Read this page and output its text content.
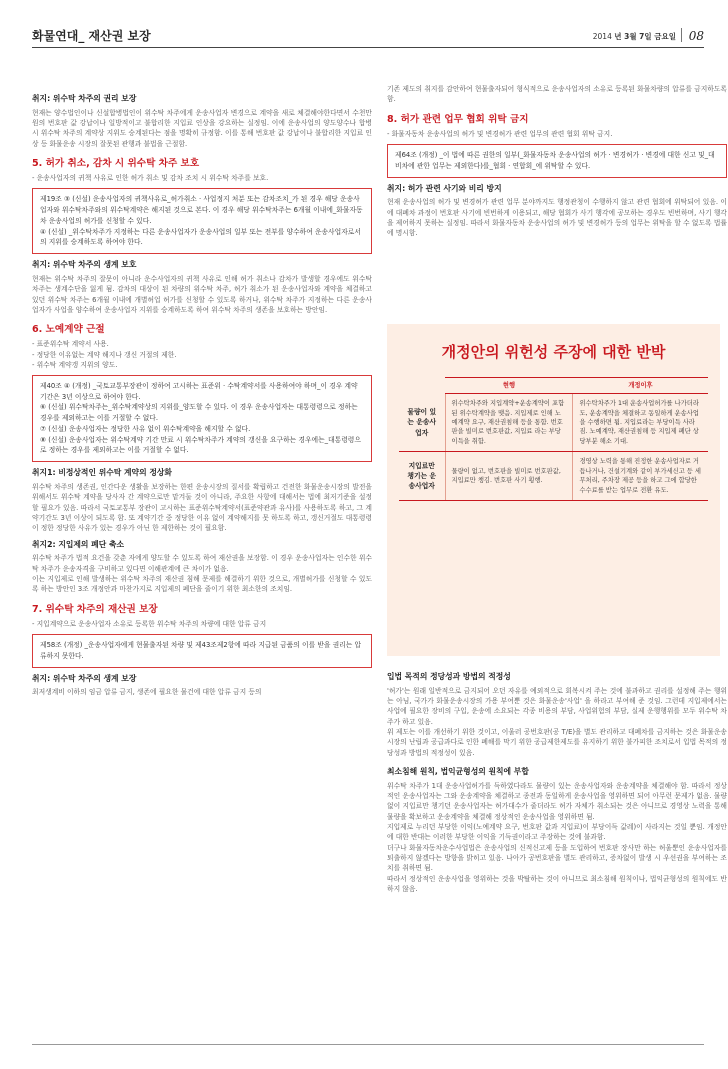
화물연대_ 재산권 보장	2014 년 3월 7일 금요일 08
취지: 위수탁 차주의 권리 보장

현재는 양수법인이나 신설합병법인이 위수탁 차주에게 운송사업자 변경으로 계약을 새로 체결해야한다면서 수천만 원의 번호판 값 강납이나 일방적이고 불합리한 지입료 인상을 강요하는 실정임. 이에 운송사업의 양도양수나 합병 시 위수탁 차주의 계약상 지위도 승계된다는 점을 명확히 규정함. 이를 통해 번호판 값 강납이나 불합리한 지입료 인상 등 화물운송 시장의 잘못된 관행과 불법을 근절함.

5. 허가 취소, 감차 시 위수탁 차주 보호

- 운송사업자의 귀책 사유로 인한 허가 취소 및 감차 조치 시 위수탁 차주를 보호.

제19조 ③ (신설) 운송사업자의 귀책사유로_허가취소 · 사업정지 처분 또는 감차조치_가 된 경우 해당 운송사업자와 위수탁차주와의 위수탁계약은 해지된 것으로 본다. 이 경우 해당 위수탁차주는 6개월 이내에_화물자동차 운송사업의 허가를 신청할 수 있다.

④ (신설) _위수탁차주가 지정하는 다른 운송사업자가 운송사업의 일부 또는 전부를 양수하여 운송사업자로서의 지위를 승계하도록 하여야 한다.

취지: 위수탁 차주의 생계 보호

현재는 위수탁 차주의 잘못이 아니라 운수사업자의 귀책 사유로 인해 허가 취소나 감차가 발생할 경우에도 위수탁 차주는 생계수단을 잃게 됨. 감차의 대상이 된 차량의 위수탁 차주, 허가 취소가 된 운송사업자와 계약을 체결하고 있던 위수탁 차주는 6개월 이내에 개별허업 허가를 신청할 수 있도록 하거나, 위수탁 차주가 지정하는 다른 운송사업자가 사업을 양수하여 운송사업자 지위를 승계하도록 하여 위수탁 차주의 생존을 보호하는 방안임.

6. 노예계약 근절

- 표준위수탁 계약서 사용.

- 정당한 이유없는 계약 해지나 갱신 거절의 제한.

- 위수탁 계약갱 지위의 양도.

제40조 ④ (개정) _국토교통부장관이 정하여 고시하는 표준위 · 수탁계약서를 사용하여야 하며_이 경우 계약기간은 3년 이상으로 하여야 한다.

⑥ (신설) 위수탁차주는_위수탁계약상의 지위를_양도할 수 있다. 이 경우 운송사업자는 대통령령으로 정하는 경우를 제외하고는 이를 거절할 수 없다.

⑦ (신설) 운송사업자는 정당한 사유 없이 위수탁계약을 해지할 수 없다.

⑧ (신설) 운송사업자는 위수탁계약 기간 만료 시 위수탁차주가 계약의 갱신을 요구하는 경우에는_대통령령으로 정하는 경우를 제외하고는 이를 거절할 수 없다.

취지1: 비정상적인 위수탁 계약의 정상화

위수탁 차주의 생존권, 인간다운 생활을 보장하는 한편 운송시장의 질서를 확립하고 건전한 화물운송시장의 발전을 위해서도 위수탁 계약을 당사자 간 계약으로만 맡겨둘 것이 아니라, 주요한 사항에 대해서는 법에 최저기준을 설정할 필요가 있음. 따라서 국토교통부 장관이 고시하는 표준위수탁계약서(표준약관과 유사)를 사용하도록 하고, 그 계약기간도 3년 이상이 되도록 함. 또 계약기간 중 정당한 이유 없이 계약해지를 못 하도록 하고, 갱신거절도 대통령령이 정한 정당한 사유가 있는 경우가 아닌 한 제한하는 것이 필요함.

취지2: 지입제의 폐단 축소

위수탁 차주가 법적 요건을 갖춘 자에게 양도할 수 있도록 하여 재산권을 보장함. 이 경우 운송사업자는 인수한 위수탁 차주가 운송자격을 구비하고 있다면 이해관계에 큰 차이가 없음.

이는 지입제로 인해 발생하는 위수탁 차주의 재산권 침해 문제를 해결하기 위한 것으로, 개별허가를 신청할 수 있도록 하는 방안인 3조 개정안과 마찬가지로 지입제의 폐단을 줄이기 위한 최소한의 조치임.

7. 위수탁 차주의 재산권 보장

- 지입계약으로 운송사업자 소유로 등록한 위수탁 차주의 차량에 대한 압류 금지

제58조 (개정) _운송사업자에게 현물출자된 차량 및 제43조제2항에 따라 지급된 금품의 이를 받을 권리는 압류하지 못한다.

취지: 위수탁 차주의 생계 보장

최저생계비 이하의 임금 압류 금지, 생존에 필요한 물건에 대한 압류 금지 등의

기존 제도의 취지를 감안하여 현물출자되어 형식적으로 운송사업자의 소유로 등록된 화물차량의 압류를 금지하도록 함.

8. 허가 관련 업무 협회 위탁 금지

- 화물자동차 운송사업의 허가 및 변경허가 관련 업무의 관련 협회 위탁 금지.

제64조 (개정) _이 법에 따른 권한의 일부(_화물자동차 운송사업의 허가 · 변경허가 · 변경에 대한 신고 및_대비차에 관한 업무는 제외한다)를_협회 · 연합회_에 위탁할 수 있다.

취지: 허가 관련 사기와 비리 방지

현재 운송사업의 허가 및 변경허가 관련 업무 분야까지도 행정관청이 수행하지 않고 관련 협회에 위탁되어 있음. 이에 대폐차 과정이 번호판 사기에 빈번하게 이용되고, 해당 협회가 사기 행각에 공모하는 경우도 빈번하며, 사기 행각을 제어하지 못하는 실정임. 따라서 화물자동차 운송사업의 허가 및 변경허가 등의 업무는 위탁을 할 수 없도록 법률에 명시함.

개정안의 위헌성 주장에 대한 반박
	현행	개정이후
물량이 있는 운송사업자	위수탁차주와 지입계약+운송계약이 포함된 위수탁계약을 맺음. 지입제로 인해 노예계약 요구, 재산권침해 등을 통함. 번호판을 빌미로 번호판값, 지입료 라는 부당이득을 취함.	위수탁차주가 1대 운송사업허가를 나가더라도, 운송계약을 체결하고 동일하게 운송사업을 수행하면 됨. 지입료라는 부당이득 사라짐. 노예계약, 재산권침해 등 지입제 폐단 상당부분 해소 기대.
지입료만 챙기는 운송사업자	물량이 없고, 번호판을 빌미로 번호판값, 지입료만 챙김. 번호판 사기 횡행.	경영상 노력을 통해 진정한 운송사업자로 거듭나거나, 건설기계와 같이 부가세신고 등 세무처리, 주차장 제공 등을 하고 그에 합당한 수수료를 받는 업무로 전환 유도.
입법 목적의 정당성과 방법의 적정성

'허가'는 원래 일반적으로 금지되어 오던 자유를 예외적으로 회복시켜 주는 것에 불과하고 권리를 설정해 주는 행위는 아님, 국가가 화물운송시장의 가용 부여뿐 것은 화물운송'사업' 을 하라고 부여해 준 것임. 그런데 지입제에서는 사업에 필요한 장비의 구입, 운송에 소요되는 각종 비용의 부담, 사업위험의 부담, 실제 운행행위를 모두 위수탁 차주가 하고 있음.

위 제도는 이를 개선하기 위한 것이고, 이울러 공번호판(공 T/E)을 별도 관리하고 대폐차를 금지하는 것은 화물운송시장의 난립과 공급과다로 인한 폐해를 막기 위한 공급제한제도를 유지하기 위한 불가피한 조치로서 입법 목적의 정당성과 방법의 적정성이 있음.

최소침해 원칙, 법익균형성의 원칙에 부합

위수탁 차주가 1대 운송사업허가를 득하였다라도 물량이 있는 운송사업자와 운송계약을 체결해야 함. 따라서 정상적인 운송사업자는 그와 운송계약을 체결하고 종전과 동일하게 운송사업을 영위하면 되어 아무런 문제가 없음. 물량 없이 지입료만 챙기던 운송사업자는 허가대수가 줄더라도 허가 자체가 취소되는 것은 아니므로 경영상 노력을 통해 물량을 확보하고 운송계약을 체결해 정상적인 운송사업을 영위하면 됨.

지입제로 누리던 부당한 이익(노예계약 요구, 번호판 값과 지입료)이 부당이득 값레)이 사라지는 것일 뿐임. 개정안에 대한 반대는 이러한 부당한 이익을 기득권이라고 주장하는 것에 불과함.

더구나 화물자동차운수사업법은 운송사업의 신적신고제 등을 도입하여 번호판 장사만 하는 허울뿐인 운송사업자를 퇴출하지 않겠다는 방향을 밝히고 있음. 나아가 공번호판을 별도 관리하고, 증차없이 발생 시 우선권을 부여하는 조치를 취하면 됨.

따라서 정상적인 운송사업을 영위하는 것을 박탈하는 것이 아니므로 최소침해 원칙이나, 법익균형성의 원칙에도 반하지 않음.
